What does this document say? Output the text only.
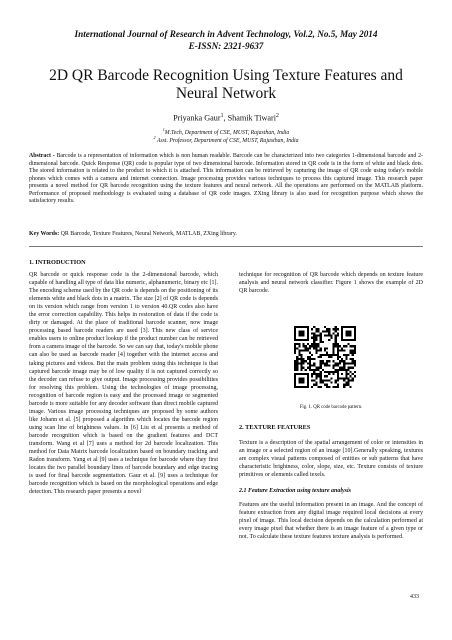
International Journal of Research in Advent Technology, Vol.2, No.5, May 2014
E-ISSN: 2321-9637
2D QR Barcode Recognition Using Texture Features and Neural Network
Priyanka Gaur$^1$, Shamik Tiwari$^2$
$^1$M.Tech, Department of CSE, MUST, Rajasthan, India
$^2$ Asst. Professor, Department of CSE, MUST, Rajasthan, India
Abstract - Barcode is a representation of information which is non human readable. Barcode can be characterized into two categories 1-dimensional barcode and 2-dimensional barcode. Quick Response (QR) code is popular type of two dimensional barcode. Information stored in QR code is in the form of white and black dots. The stored information is related to the product to which it is attached. This information can be retrieved by capturing the image of QR code using today's mobile phones which comes with a camera and internet connection. Image processing provides various techniques to process this captured image. This research paper presents a novel method for QR barcode recognition using the texture features and neural network. All the operations are performed on the MATLAB platform. Performance of proposed methodology is evaluated using a database of QR code images. ZXing library is also used for recognition purpose which shows the satisfactory results.
Key Words: QR Barcode, Texture Features, Neural Network, MATLAB, ZXing library.

1. INTRODUCTION

QR barcode or quick response code is the 2-dimensional barcode, which capable of handling all type of data like numeric, alphanumeric, binary etc [1]. The encoding scheme used by the QR code is depends on the positioning of its elements white and black dots in a matrix. The size [2] of QR code is depends on its version which range from version 1 to version 40.QR codes also have the error correction capability. This helps in restoration of data if the code is dirty or damaged. At the place of traditional barcode scanner, now image processing based barcode readers are used [3]. This new class of service enables users to online product lookup if the product number can be retrieved from a camera image of the barcode. So we can say that, today's mobile phone can also be used as barcode reader [4] together with the internet access and taking pictures and videos. But the main problem using this technique is that captured barcode image may be of low quality if is not captured correctly so the decoder can refuse to give output. Image processing provides possibilities for resolving this problem. Using the technologies of image processing, recognition of barcode region is easy and the processed image or segmented barcode is more suitable for any decoder software than direct mobile captured image. Various image processing techniques are proposed by some authors like Johann et al. [5] proposed a algorithm which locates the barcode region using scan line of brightness values. In [6] Liu et al presents a method of barcode recognition which is based on the gradient features and DCT transform. Wang et al [7] uses a method for 2d barcode localization. This method for Data Matrix barcode localization based on boundary tracking and Radon transform. Yang et al [9] uses a technique for barcode where they first locates the two parallel boundary lines of barcode boundary and edge tracing is used for final barcode segmentation. Gaur et al. [9] uses a technique for barcode recognition which is based on the morphological operations and edge detection. This research paper presents a novel

technique for recognition of QR barcode which depends on texture feature analysis and neural network classifier. Figure 1 shows the example of 2D QR barcode.

Fig. 1. QR code barcode pattern.

2. TEXTURE FEATURES

Texture is a description of the spatial arrangement of color or intensities in an image or a selected region of an image [10].Generally speaking, textures are complex visual patterns composed of entities or sub patterns that have characteristic brightness, color, slope, size, etc. Texture consists of texture primitives or elements called texels.

2.1 Feature Extraction using texture analysis

Features are the useful information present in an image. And the concept of feature extraction from any digital image required local decisions at every pixel of image. This local decision depends on the calculation performed at every image pixel that whether there is an image feature of a given type or not. To calculate these texture features texture analysis is performed.

433
